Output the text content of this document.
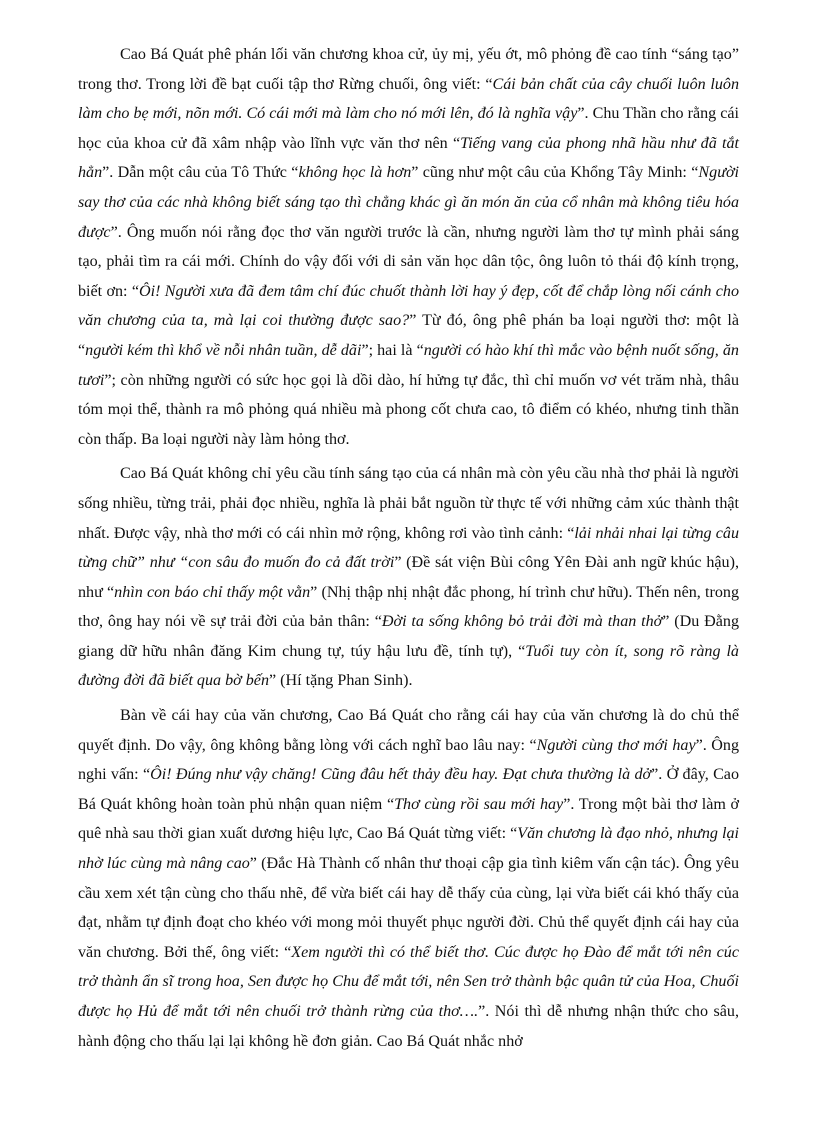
Cao Bá Quát phê phán lối văn chương khoa cử, ủy mị, yếu ớt, mô phỏng đề cao tính “sáng tạo” trong thơ. Trong lời đề bạt cuối tập thơ Rừng chuối, ông viết: “Cái bản chất của cây chuối luôn luôn làm cho bẹ mới, nõn mới. Có cái mới mà làm cho nó mới lên, đó là nghĩa vậy”. Chu Thần cho rằng cái học của khoa cử đã xâm nhập vào lĩnh vực văn thơ nên “Tiếng vang của phong nhã hầu như đã tắt hẳn”. Dẫn một câu của Tô Thức “không học là hơn” cũng như một câu của Khổng Tây Minh: “Người say thơ của các nhà không biết sáng tạo thì chẳng khác gì ăn món ăn của cổ nhân mà không tiêu hóa được”. Ông muốn nói rằng đọc thơ văn người trước là cần, nhưng người làm thơ tự mình phải sáng tạo, phải tìm ra cái mới. Chính do vậy đối với di sản văn học dân tộc, ông luôn tỏ thái độ kính trọng, biết ơn: “Ôi! Người xưa đã đem tâm chí đúc chuốt thành lời hay ý đẹp, cốt để chắp lòng nối cánh cho văn chương của ta, mà lại coi thường được sao?” Từ đó, ông phê phán ba loại người thơ: một là “người kém thì khổ về nỗi nhân tuần, dễ dãi”; hai là “người có hào khí thì mắc vào bệnh nuốt sống, ăn tươi”; còn những người có sức học gọi là dồi dào, hí hửng tự đắc, thì chỉ muốn vơ vét trăm nhà, thâu tóm mọi thể, thành ra mô phỏng quá nhiều mà phong cốt chưa cao, tô điểm có khéo, nhưng tinh thần còn thấp. Ba loại người này làm hỏng thơ.

Cao Bá Quát không chỉ yêu cầu tính sáng tạo của cá nhân mà còn yêu cầu nhà thơ phải là người sống nhiều, từng trải, phải đọc nhiều, nghĩa là phải bắt nguồn từ thực tế với những cảm xúc thành thật nhất. Được vậy, nhà thơ mới có cái nhìn mở rộng, không rơi vào tình cảnh: “lải nhải nhai lại từng câu từng chữ” như “con sâu đo muốn đo cả đất trời” (Đề sát viện Bùi công Yên Đài anh ngữ khúc hậu), như “nhìn con báo chỉ thấy một vằn” (Nhị thập nhị nhật đắc phong, hí trình chư hữu). Thến nên, trong thơ, ông hay nói về sự trải đời của bản thân: “Đời ta sống không bỏ trải đời mà than thở” (Du Đằng giang dữ hữu nhân đăng Kim chung tự, túy hậu lưu đề, tính tự), “Tuổi tuy còn ít, song rõ ràng là đường đời đã biết qua bờ bến” (Hí tặng Phan Sinh).

Bàn về cái hay của văn chương, Cao Bá Quát cho rằng cái hay của văn chương là do chủ thể quyết định. Do vậy, ông không bằng lòng với cách nghĩ bao lâu nay: “Người cùng thơ mới hay”. Ông nghi vấn: “Ôi! Đúng như vậy chăng! Cũng đâu hết thảy đều hay. Đạt chưa thường là dở”. Ở đây, Cao Bá Quát không hoàn toàn phủ nhận quan niệm “Thơ cùng rồi sau mới hay”. Trong một bài thơ làm ở quê nhà sau thời gian xuất dương hiệu lực, Cao Bá Quát từng viết: “Văn chương là đạo nhỏ, nhưng lại nhờ lúc cùng mà nâng cao” (Đắc Hà Thành cố nhân thư thoại cập gia tình kiêm vấn cận tác). Ông yêu cầu xem xét tận cùng cho thấu nhẽ, để vừa biết cái hay dễ thấy của cùng, lại vừa biết cái khó thấy của đạt, nhằm tự định đoạt cho khéo với mong mỏi thuyết phục người đời. Chủ thể quyết định cái hay của văn chương. Bởi thế, ông viết: “Xem người thì có thể biết thơ. Cúc được họ Đào để mắt tới nên cúc trở thành ẩn sĩ trong hoa, Sen được họ Chu để mắt tới, nên Sen trở thành bậc quân tử của Hoa, Chuối được họ Hủ để mắt tới nên chuối trở thành rừng của thơ….”. Nói thì dễ nhưng nhận thức cho sâu, hành động cho thấu lại lại không hề đơn giản. Cao Bá Quát nhắc nhở
